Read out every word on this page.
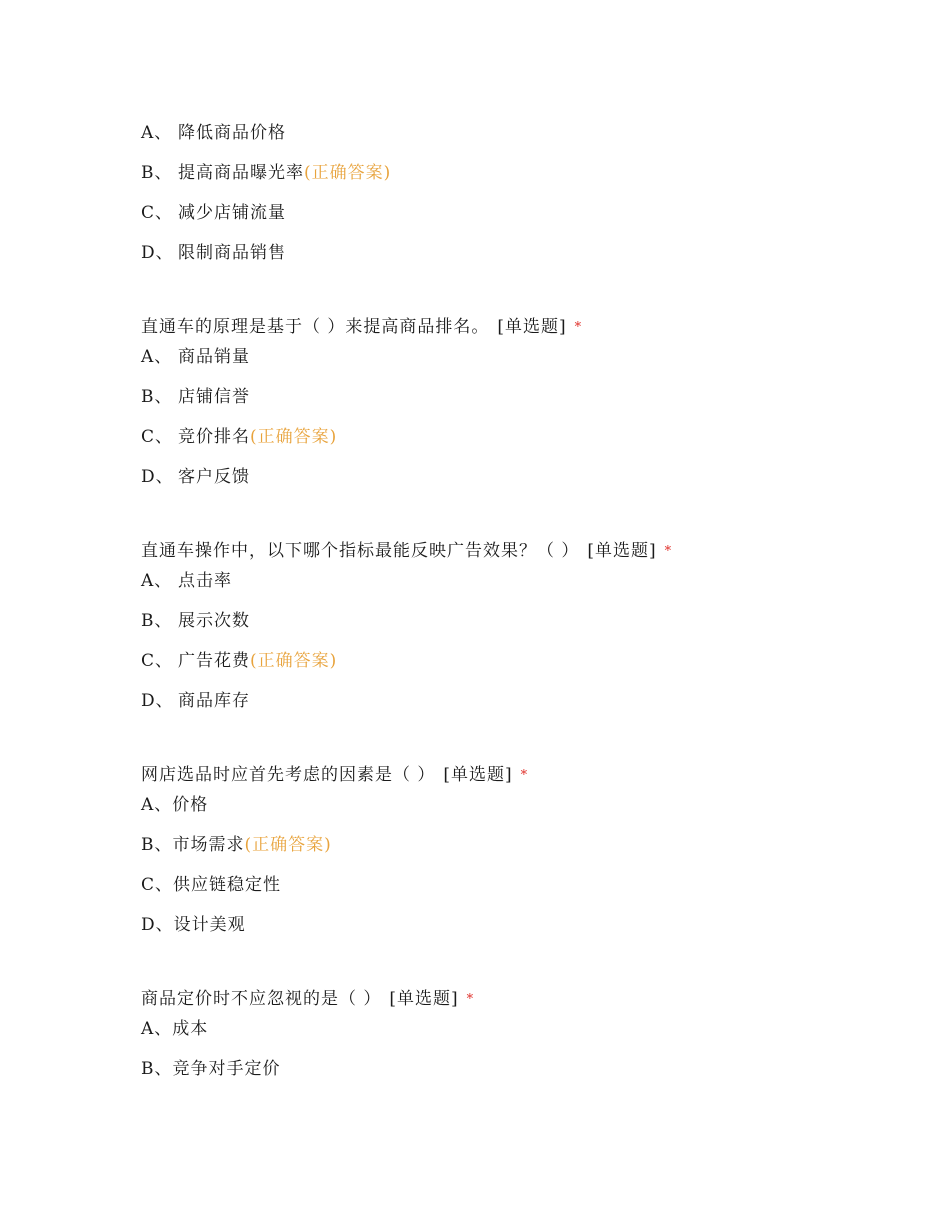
A、 降低商品价格
B、 提高商品曝光率(正确答案)
C、 减少店铺流量
D、 限制商品销售
直通车的原理是基于（ ）来提高商品排名。 [单选题] *
A、 商品销量
B、 店铺信誉
C、 竞价排名(正确答案)
D、 客户反馈
直通车操作中，以下哪个指标最能反映广告效果？（ ） [单选题] *
A、 点击率
B、 展示次数
C、 广告花费(正确答案)
D、 商品库存
网店选品时应首先考虑的因素是（ ） [单选题] *
A、价格
B、市场需求(正确答案)
C、供应链稳定性
D、设计美观
商品定价时不应忽视的是（ ） [单选题] *
A、成本
B、竞争对手定价
